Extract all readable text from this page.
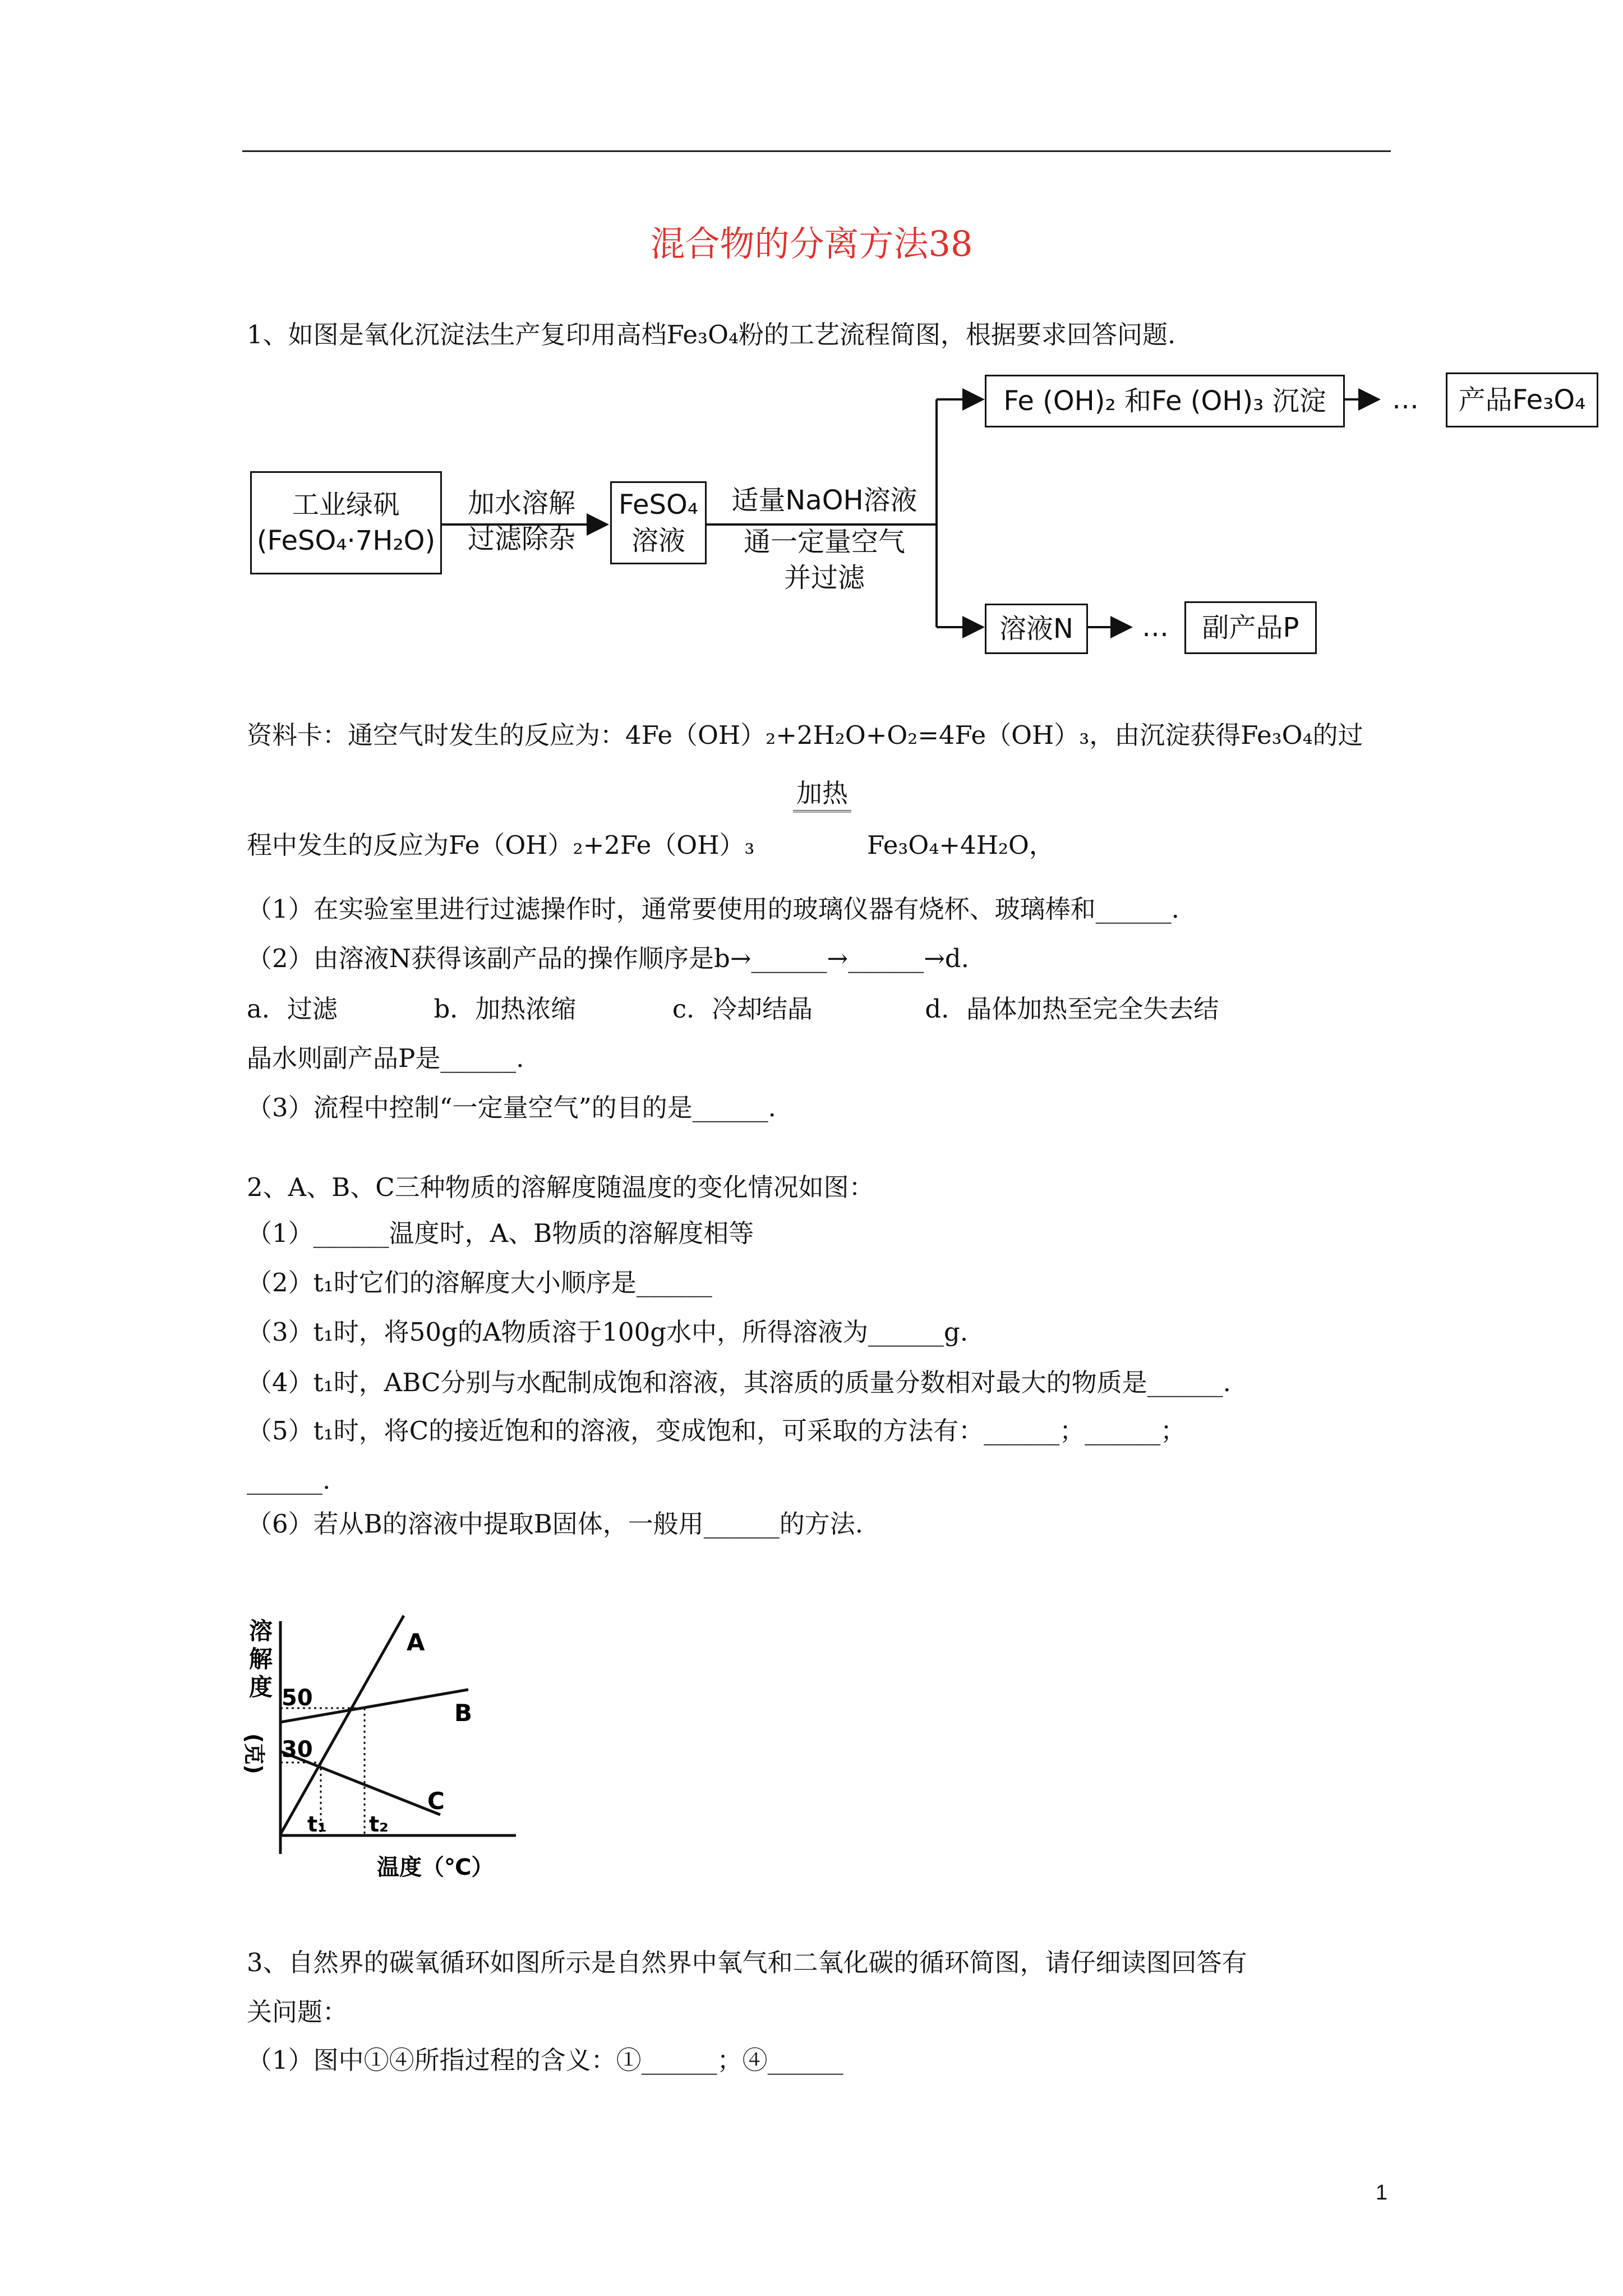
混合物的分离方法38
1、如图是氧化沉淀法生产复印用高档Fe₃O₄粉的工艺流程简图，根据要求回答问题.
工业绿矾
(FeSO₄·7H₂O)
加水溶解
过滤除杂
FeSO₄
溶液
适量NaOH溶液
通一定量空气
并过滤
Fe (OH)₂ 和Fe (OH)₃ 沉淀	…	产品Fe₃O₄
溶液N	…	副产品P
资料卡：通空气时发生的反应为：4Fe（OH）₂+2H₂O+O₂=4Fe（OH）₃，由沉淀获得Fe₃O₄的过
加热
程中发生的反应为Fe（OH）₂+2Fe（OH）₃	Fe₃O₄+4H₂O，
（1）在实验室里进行过滤操作时，通常要使用的玻璃仪器有烧杯、玻璃棒和______.
（2）由溶液N获得该副产品的操作顺序是b→______→______→d.
a．过滤            b．加热浓缩            c．冷却结晶              d．晶体加热至完全失去结
晶水则副产品P是______.
（3）流程中控制“一定量空气”的目的是______.
2、A、B、C三种物质的溶解度随温度的变化情况如图：
（1）______温度时，A、B物质的溶解度相等
（2）t₁时它们的溶解度大小顺序是______
（3）t₁时，将50g的A物质溶于100g水中，所得溶液为______g.
（4）t₁时，ABC分别与水配制成饱和溶液，其溶质的质量分数相对最大的物质是______.
（5）t₁时，将C的接近饱和的溶液，变成饱和，可采取的方法有：______；______；
______.
（6）若从B的溶液中提取B固体，一般用______的方法.
溶
解
度
(克)
50
30
t₁ t₂
A
B
C
温度（℃）
3、自然界的碳氧循环如图所示是自然界中氧气和二氧化碳的循环简图，请仔细读图回答有
关问题：
（1）图中①④所指过程的含义：①______；④______
1
